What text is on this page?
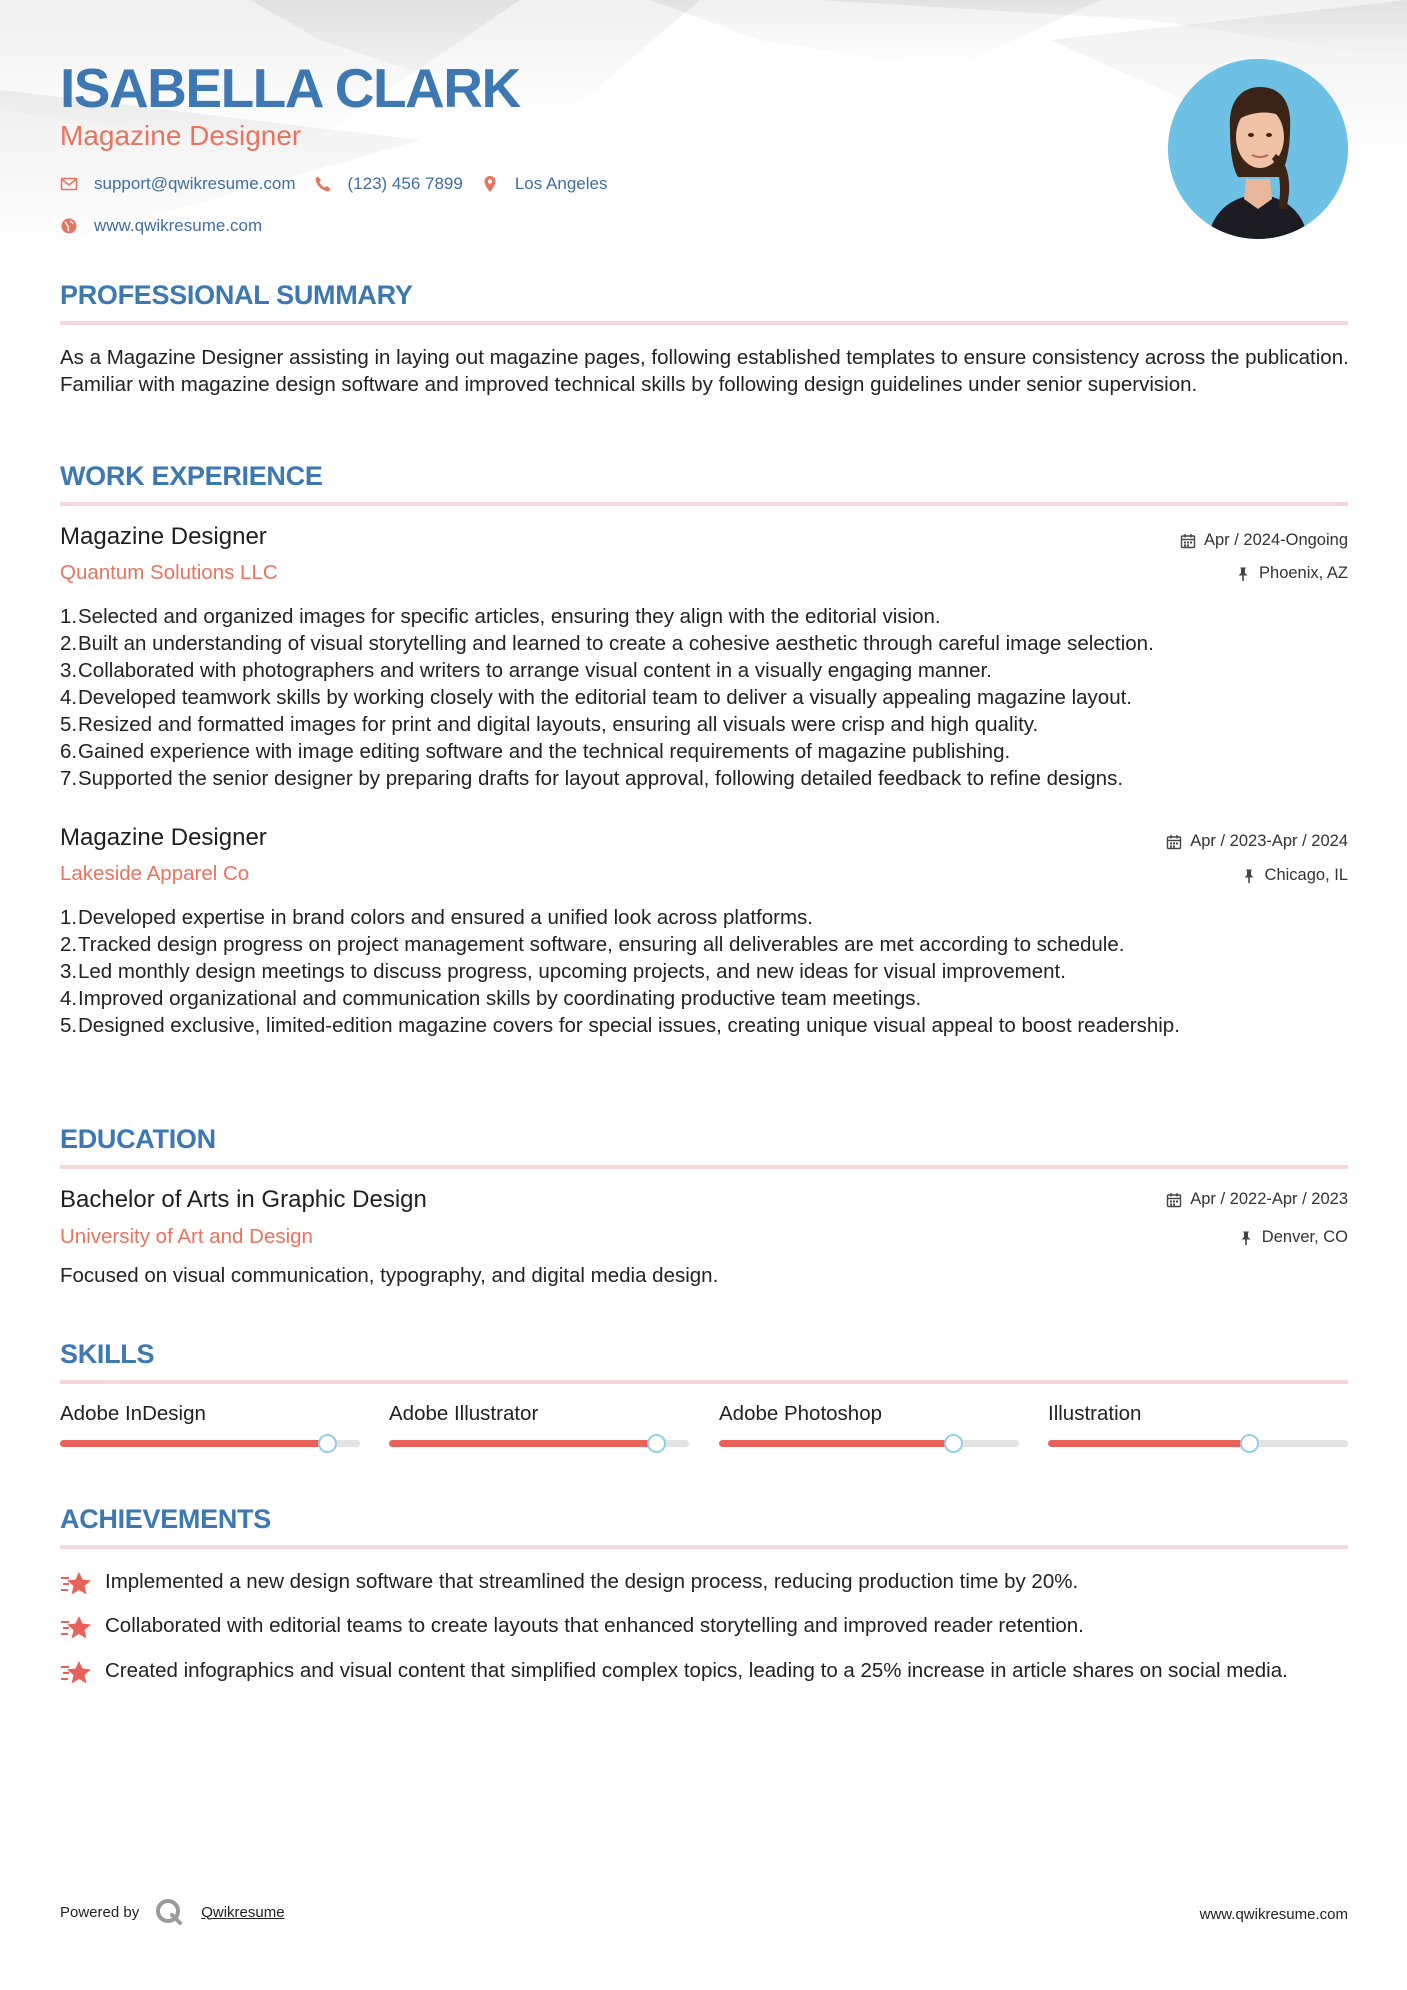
ISABELLA CLARK
Magazine Designer
support@qwikresume.com	(123) 456 7899	Los Angeles
www.qwikresume.com
PROFESSIONAL SUMMARY

As a Magazine Designer assisting in laying out magazine pages, following established templates to ensure consistency across the publication. Familiar with magazine design software and improved technical skills by following design guidelines under senior supervision.

WORK EXPERIENCE
Magazine Designer
Quantum Solutions LLC
Apr / 2024-Ongoing
Phoenix, AZ
1. Selected and organized images for specific articles, ensuring they align with the editorial vision.
2. Built an understanding of visual storytelling and learned to create a cohesive aesthetic through careful image selection.
3. Collaborated with photographers and writers to arrange visual content in a visually engaging manner.
4. Developed teamwork skills by working closely with the editorial team to deliver a visually appealing magazine layout.
5. Resized and formatted images for print and digital layouts, ensuring all visuals were crisp and high quality.
6. Gained experience with image editing software and the technical requirements of magazine publishing.
7. Supported the senior designer by preparing drafts for layout approval, following detailed feedback to refine designs.
Magazine Designer
Lakeside Apparel Co
Apr / 2023-Apr / 2024
Chicago, IL
1. Developed expertise in brand colors and ensured a unified look across platforms.
2. Tracked design progress on project management software, ensuring all deliverables are met according to schedule.
3. Led monthly design meetings to discuss progress, upcoming projects, and new ideas for visual improvement.
4. Improved organizational and communication skills by coordinating productive team meetings.
5. Designed exclusive, limited-edition magazine covers for special issues, creating unique visual appeal to boost readership.
EDUCATION
Bachelor of Arts in Graphic Design
University of Art and Design
Apr / 2022-Apr / 2023
Denver, CO

Focused on visual communication, typography, and digital media design.

SKILLS
Adobe InDesign	Adobe Illustrator	Adobe Photoshop	Illustration
ACHIEVEMENTS
Implemented a new design software that streamlined the design process, reducing production time by 20%.
Collaborated with editorial teams to create layouts that enhanced storytelling and improved reader retention.
Created infographics and visual content that simplified complex topics, leading to a 25% increase in article shares on social media.
Powered by	Qwikresume	www.qwikresume.com
